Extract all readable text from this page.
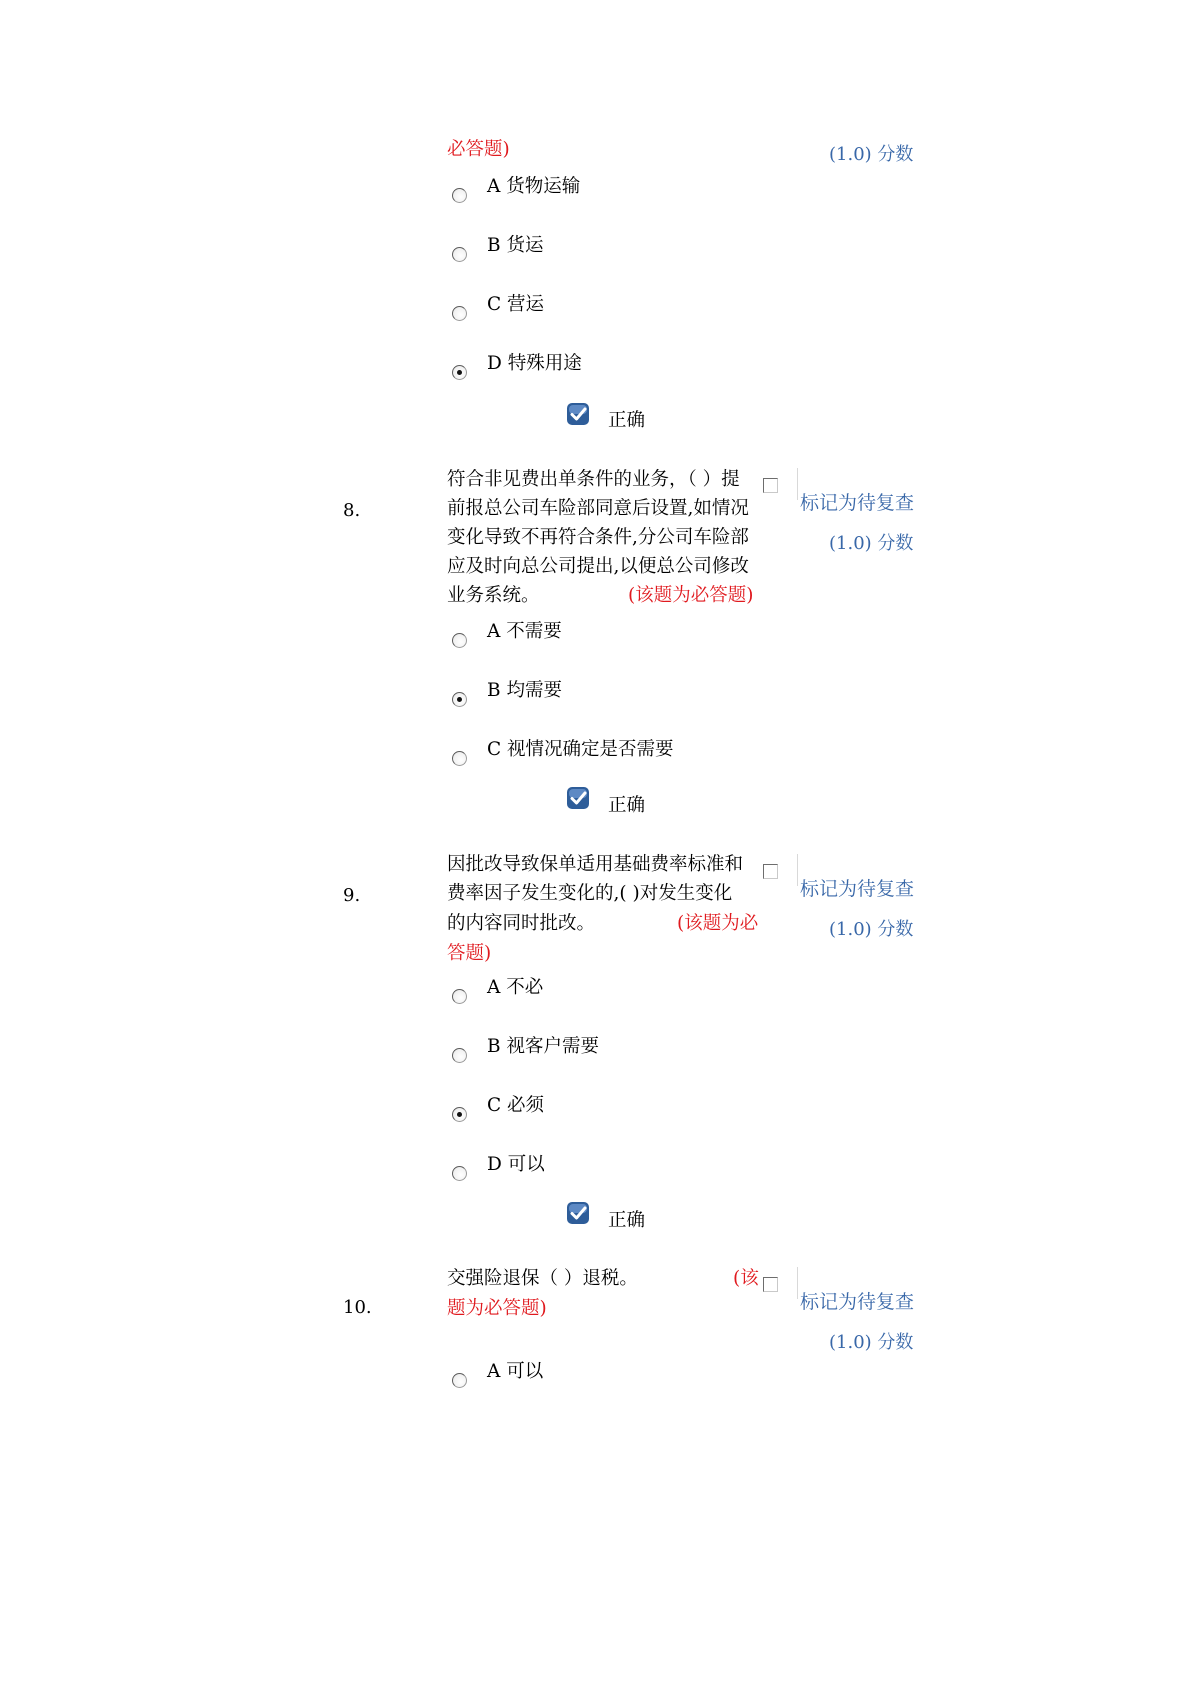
必答题)	(1.0) 分数
A 货物运输
B 货运
C 营运
D 特殊用途
正确
8.
符合非见费出单条件的业务，（ ）提
前报总公司车险部同意后设置,如情况
变化导致不再符合条件,分公司车险部
应及时向总公司提出,以便总公司修改
业务系统。	(该题为必答题)
标记为待复查
(1.0) 分数
A 不需要
B 均需要
C 视情况确定是否需要
正确
9.
因批改导致保单适用基础费率标准和
费率因子发生变化的,( )对发生变化
的内容同时批改。	(该题为必
答题)
标记为待复查
(1.0) 分数
A 不必
B 视客户需要
C 必须
D 可以
正确
10.
交强险退保（ ）退税。	(该
题为必答题)	标记为待复查
(1.0) 分数
A 可以
